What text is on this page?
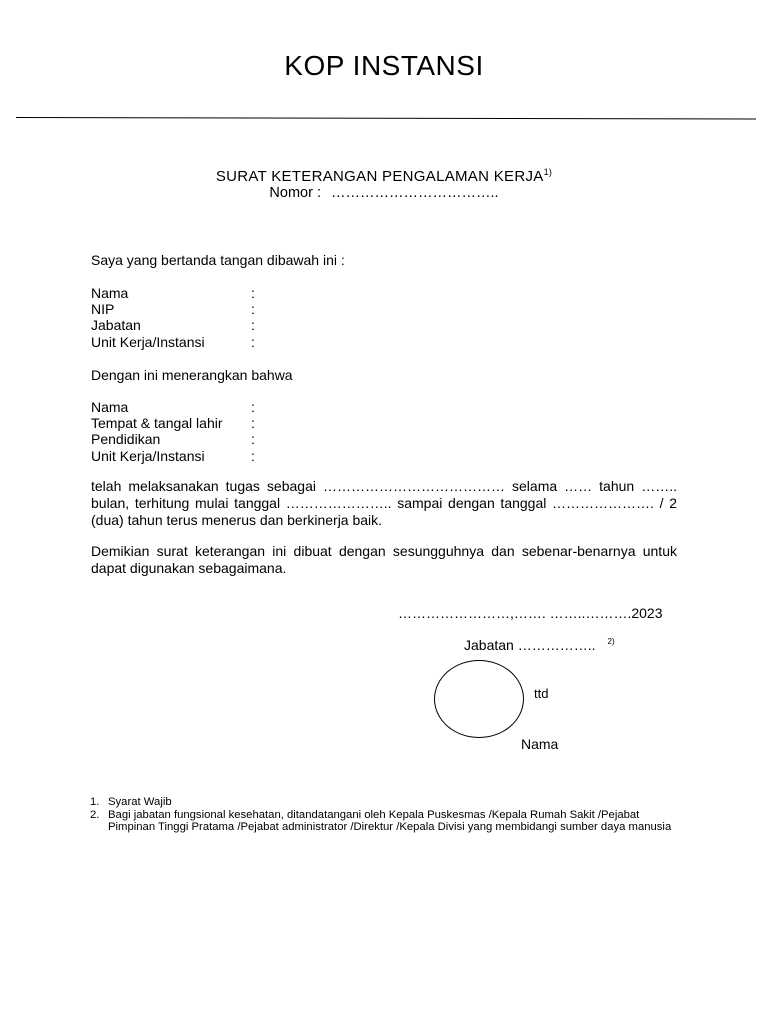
KOP INSTANSI
SURAT KETERANGAN PENGALAMAN KERJA$^{1)}$
Nomor : ……………………………..
Saya yang bertanda tangan dibawah ini :
Nama	:
NIP	:
Jabatan	:
Unit Kerja/Instansi	:
Dengan ini menerangkan bahwa
Nama	:
Tempat & tangal lahir :
Pendidikan	:
Unit Kerja/Instansi	:
telah melaksanakan tugas sebagai ………………………………… selama …… tahun …….. bulan, terhitung mulai tanggal ………………….. sampai dengan tanggal …………………. / 2 (dua) tahun terus menerus dan berkinerja baik.
Demikian surat keterangan ini dibuat dengan sesungguhnya dan sebenar-benarnya untuk dapat digunakan sebagaimana.
……………………,……. ……..……….2023
Jabatan …………….. $^{2)}$
ttd
Nama
1. Syarat Wajib
2. Bagi jabatan fungsional kesehatan, ditandatangani oleh Kepala Puskesmas /Kepala Rumah Sakit /Pejabat Pimpinan Tinggi Pratama /Pejabat administrator /Direktur /Kepala Divisi yang membidangi sumber daya manusia
